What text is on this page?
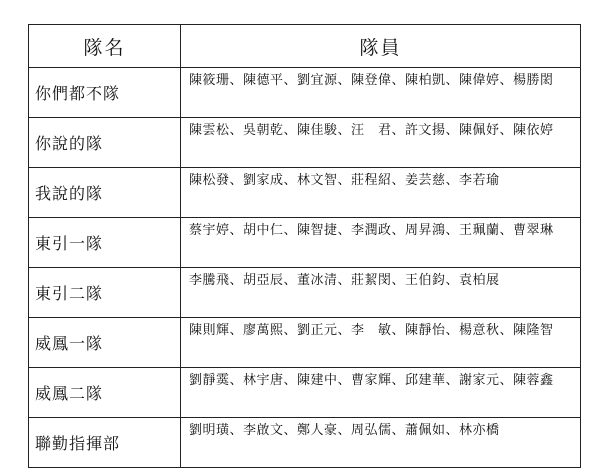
隊名	隊員
你們都不隊	陳筱珊、陳德平、劉宜源、陳登偉、陳柏凱、陳偉婷、楊勝閎
你說的隊	陳雲松、吳朝乾、陳佳駿、汪　君、許文揚、陳佩妤、陳依婷
我說的隊	陳松發、劉家成、林文智、莊程紹、姜芸慈、李若瑜
東引一隊	蔡宇婷、胡中仁、陳智捷、李潤政、周昇鴻、王珮蘭、曹翠琳
東引二隊	李騰飛、胡亞辰、董冰清、莊絜閔、王伯鈞、袁柏展
威鳳一隊	陳則輝、廖萬熙、劉正元、李　敏、陳靜怡、楊意秋、陳隆智
威鳳二隊	劉靜霙、林宇唐、陳建中、曹家輝、邱建華、謝家元、陳蓉鑫
聯勤指揮部	劉明璜、李啟文、鄭人豪、周弘儒、蕭佩如、林亦橋
